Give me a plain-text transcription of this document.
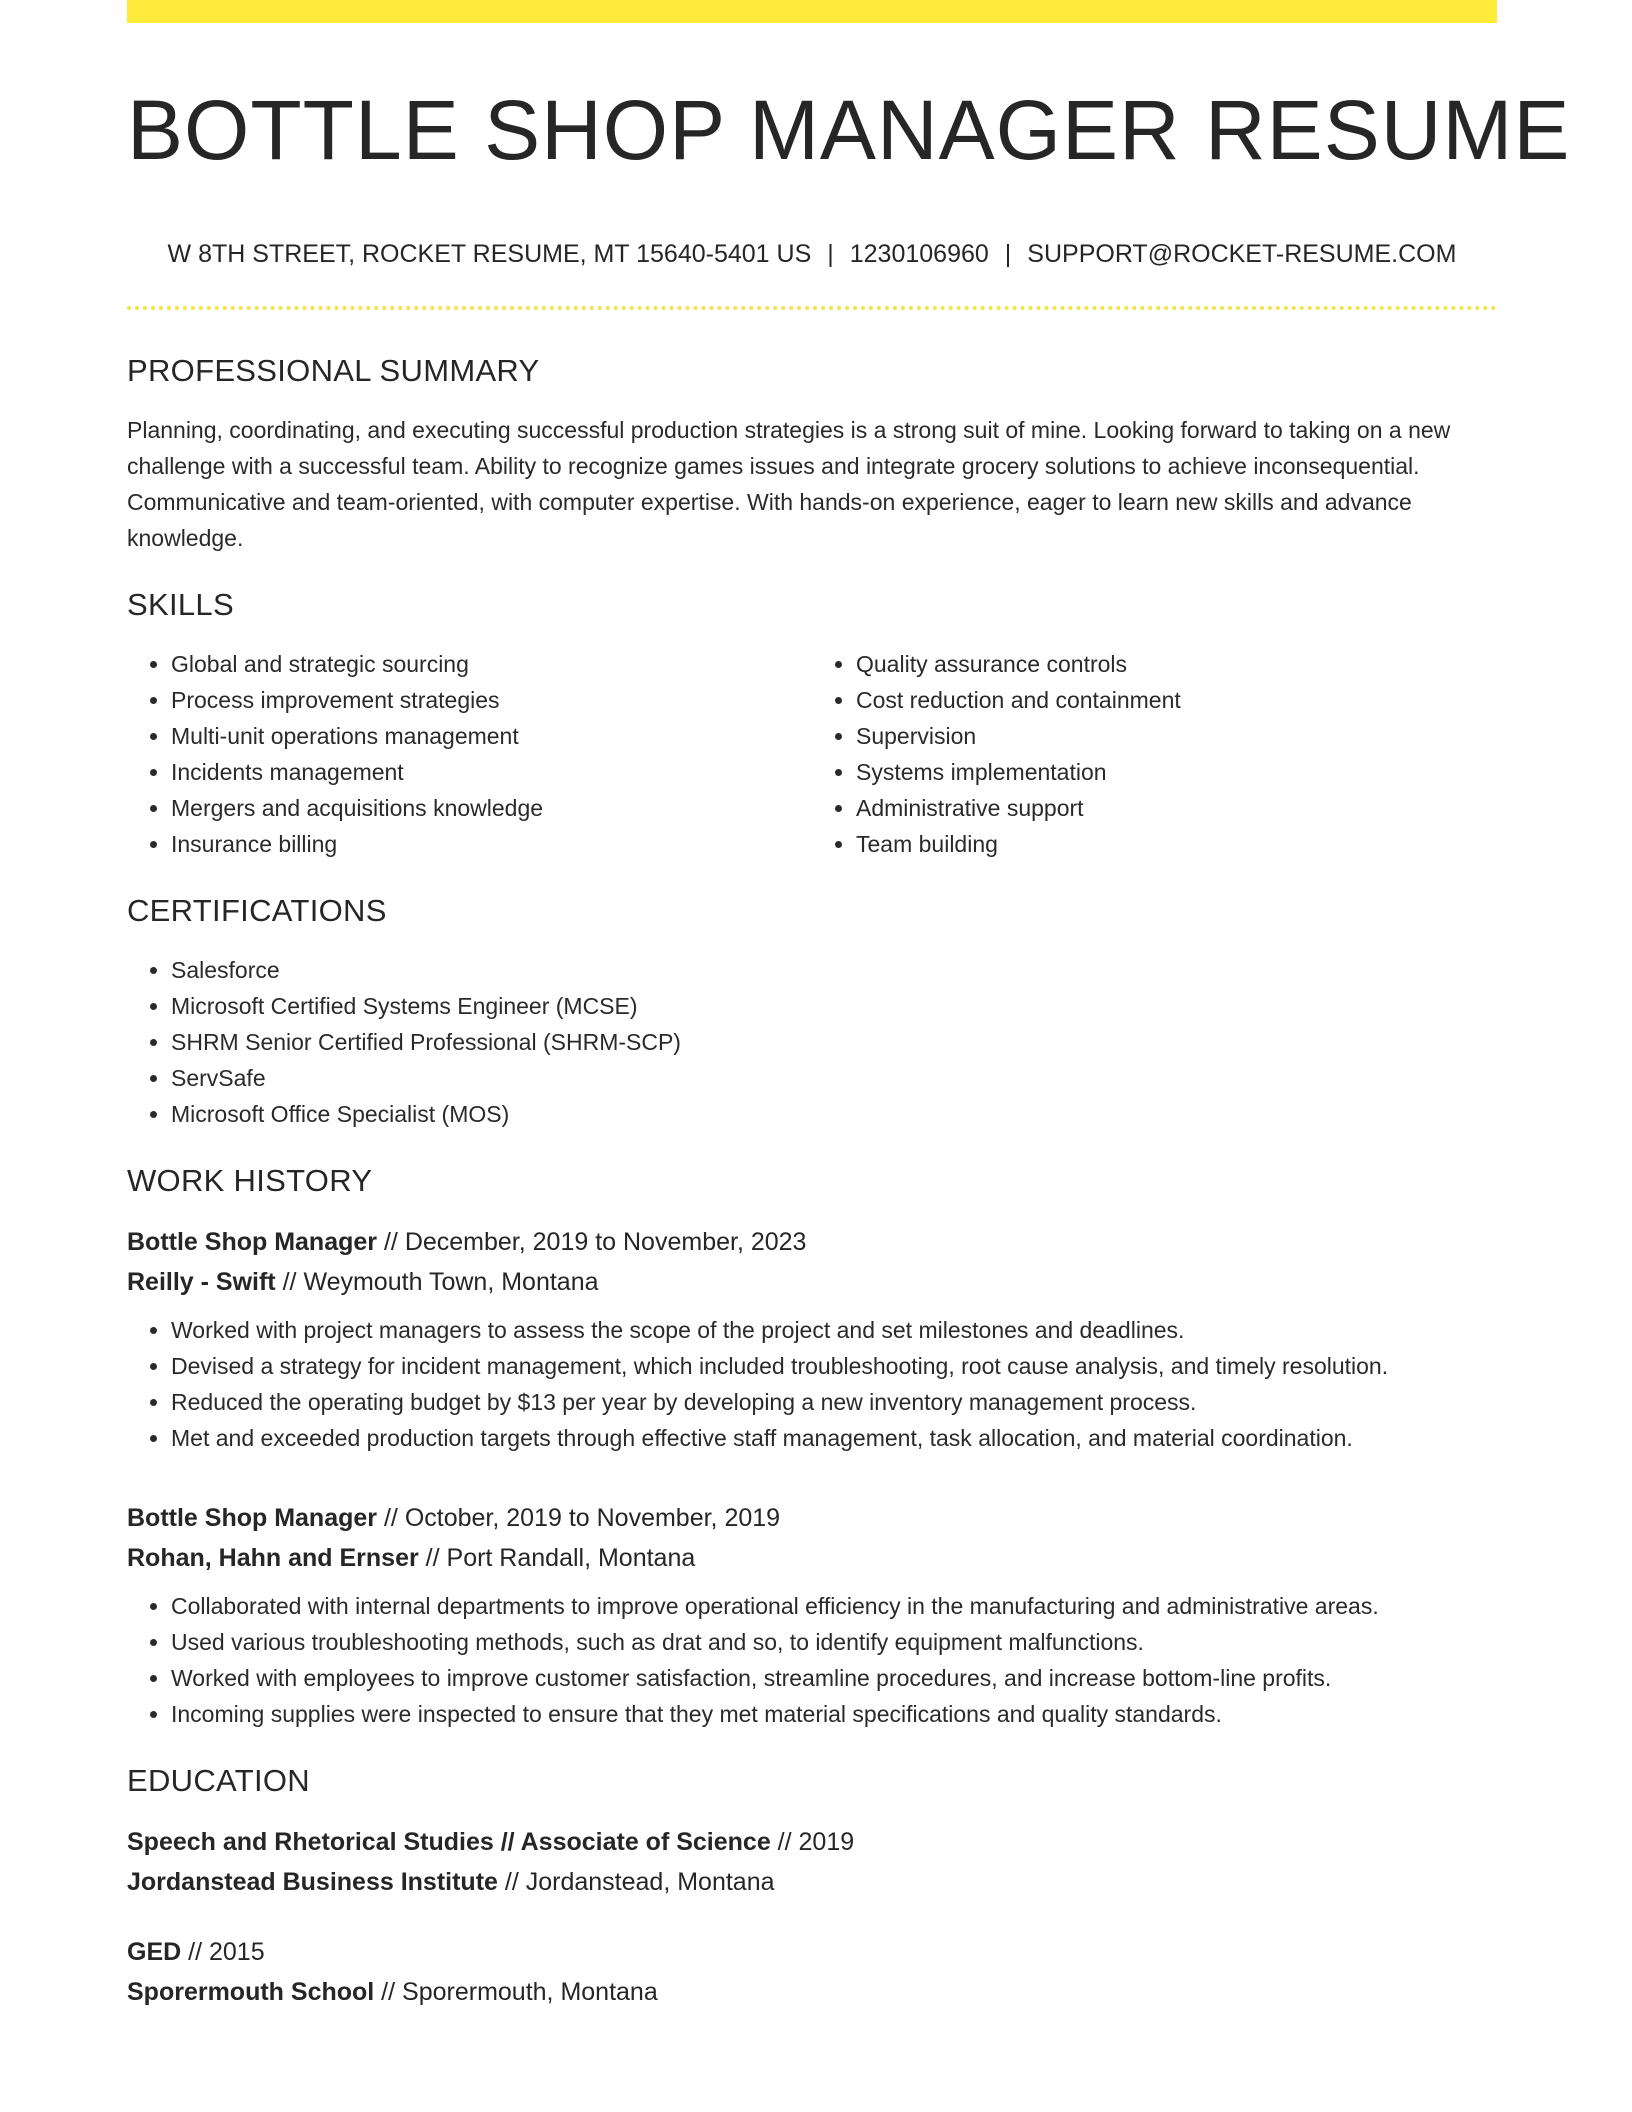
BOTTLE SHOP MANAGER RESUME
W 8TH STREET, ROCKET RESUME, MT 15640-5401 US | 1230106960 | SUPPORT@ROCKET-RESUME.COM
PROFESSIONAL SUMMARY

Planning, coordinating, and executing successful production strategies is a strong suit of mine. Looking forward to taking on a new challenge with a successful team. Ability to recognize games issues and integrate grocery solutions to achieve inconsequential. Communicative and team-oriented, with computer expertise. With hands-on experience, eager to learn new skills and advance knowledge.

SKILLS
• Global and strategic sourcing
• Process improvement strategies
• Multi-unit operations management
• Incidents management
• Mergers and acquisitions knowledge
• Insurance billing
• Quality assurance controls
• Cost reduction and containment
• Supervision
• Systems implementation
• Administrative support
• Team building
CERTIFICATIONS
• Salesforce
• Microsoft Certified Systems Engineer (MCSE)
• SHRM Senior Certified Professional (SHRM-SCP)
• ServSafe
• Microsoft Office Specialist (MOS)
WORK HISTORY
Bottle Shop Manager // December, 2019 to November, 2023
Reilly - Swift // Weymouth Town, Montana
• Worked with project managers to assess the scope of the project and set milestones and deadlines.
• Devised a strategy for incident management, which included troubleshooting, root cause analysis, and timely resolution.
• Reduced the operating budget by $13 per year by developing a new inventory management process.
• Met and exceeded production targets through effective staff management, task allocation, and material coordination.
Bottle Shop Manager // October, 2019 to November, 2019
Rohan, Hahn and Ernser // Port Randall, Montana
• Collaborated with internal departments to improve operational efficiency in the manufacturing and administrative areas.
• Used various troubleshooting methods, such as drat and so, to identify equipment malfunctions.
• Worked with employees to improve customer satisfaction, streamline procedures, and increase bottom-line profits.
• Incoming supplies were inspected to ensure that they met material specifications and quality standards.
EDUCATION
Speech and Rhetorical Studies // Associate of Science // 2019
Jordanstead Business Institute // Jordanstead, Montana
GED // 2015
Sporermouth School // Sporermouth, Montana
